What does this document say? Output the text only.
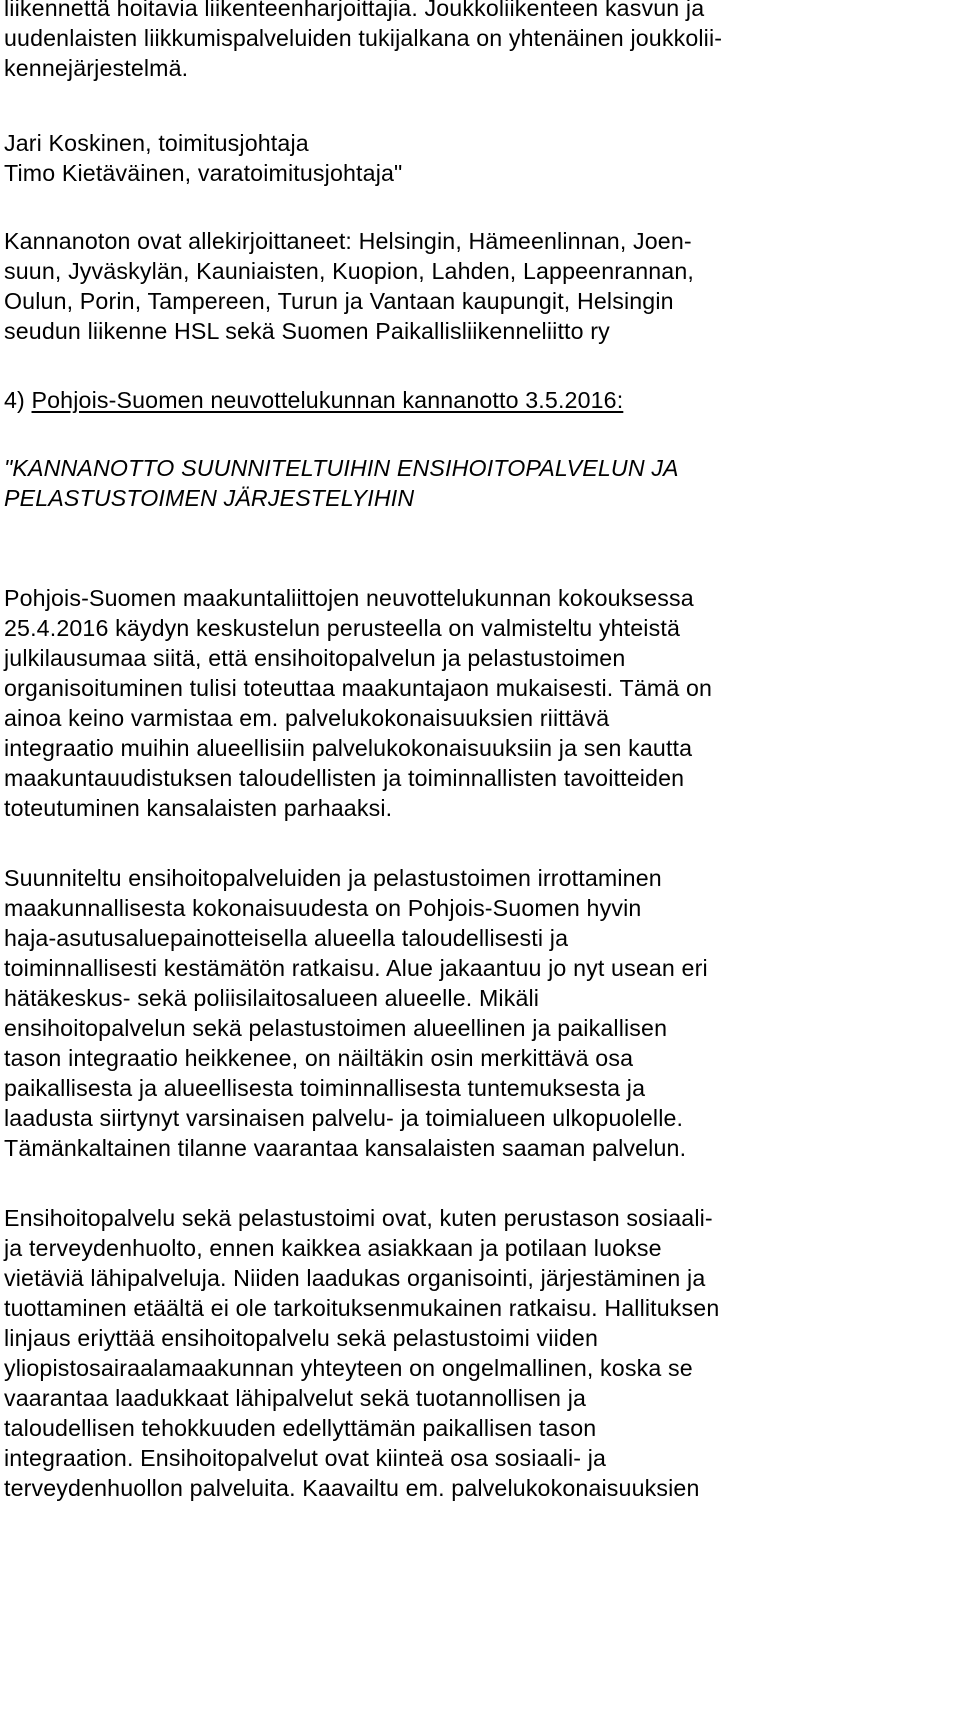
liikennettä hoitavia liikenteenharjoittajia. Joukkoliikenteen kasvun ja

uudenlaisten liikkumispalveluiden tukijalkana on yhtenäinen joukkolii-

kennejärjestelmä.

Jari Koskinen, toimitusjohtaja

Timo Kietäväinen, varatoimitusjohtaja"

Kannanoton ovat allekirjoittaneet: Helsingin, Hämeenlinnan, Joen-

suun, Jyväskylän, Kauniaisten, Kuopion, Lahden, Lappeenrannan,

Oulun, Porin, Tampereen, Turun ja Vantaan kaupungit, Helsingin

seudun liikenne HSL sekä Suomen Paikallisliikenneliitto ry

4) Pohjois-Suomen neuvottelukunnan kannanotto 3.5.2016:

"KANNANOTTO SUUNNITELTUIHIN ENSIHOITOPALVELUN JA

PELASTUSTOIMEN JÄRJESTELYIHIN

Pohjois-Suomen maakuntaliittojen neuvottelukunnan kokouksessa

25.4.2016 käydyn keskustelun perusteella on valmisteltu yhteistä

julkilausumaa siitä, että ensihoitopalvelun ja pelastustoimen

organisoituminen tulisi toteuttaa maakuntajaon mukaisesti. Tämä on

ainoa keino varmistaa em. palvelukokonaisuuksien riittävä

integraatio muihin alueellisiin palvelukokonaisuuksiin ja sen kautta

maakuntauudistuksen taloudellisten ja toiminnallisten tavoitteiden

toteutuminen kansalaisten parhaaksi.

Suunniteltu ensihoitopalveluiden ja pelastustoimen irrottaminen

maakunnallisesta kokonaisuudesta on Pohjois-Suomen hyvin

haja-asutusaluepainotteisella alueella taloudellisesti ja

toiminnallisesti kestämätön ratkaisu. Alue jakaantuu jo nyt usean eri

hätäkeskus- sekä poliisilaitosalueen alueelle. Mikäli

ensihoitopalvelun sekä pelastustoimen alueellinen ja paikallisen

tason integraatio heikkenee, on näiltäkin osin merkittävä osa

paikallisesta ja alueellisesta toiminnallisesta tuntemuksesta ja

laadusta siirtynyt varsinaisen palvelu- ja toimialueen ulkopuolelle.

Tämänkaltainen tilanne vaarantaa kansalaisten saaman palvelun.

Ensihoitopalvelu sekä pelastustoimi ovat, kuten perustason sosiaali-

ja terveydenhuolto, ennen kaikkea asiakkaan ja potilaan luokse

vietäviä lähipalveluja. Niiden laadukas organisointi, järjestäminen ja

tuottaminen etäältä ei ole tarkoituksenmukainen ratkaisu. Hallituksen

linjaus eriyttää ensihoitopalvelu sekä pelastustoimi viiden

yliopistosairaalamaakunnan yhteyteen on ongelmallinen, koska se

vaarantaa laadukkaat lähipalvelut sekä tuotannollisen ja

taloudellisen tehokkuuden edellyttämän paikallisen tason

integraation. Ensihoitopalvelut ovat kiinteä osa sosiaali- ja

terveydenhuollon palveluita. Kaavailtu em. palvelukokonaisuuksien
